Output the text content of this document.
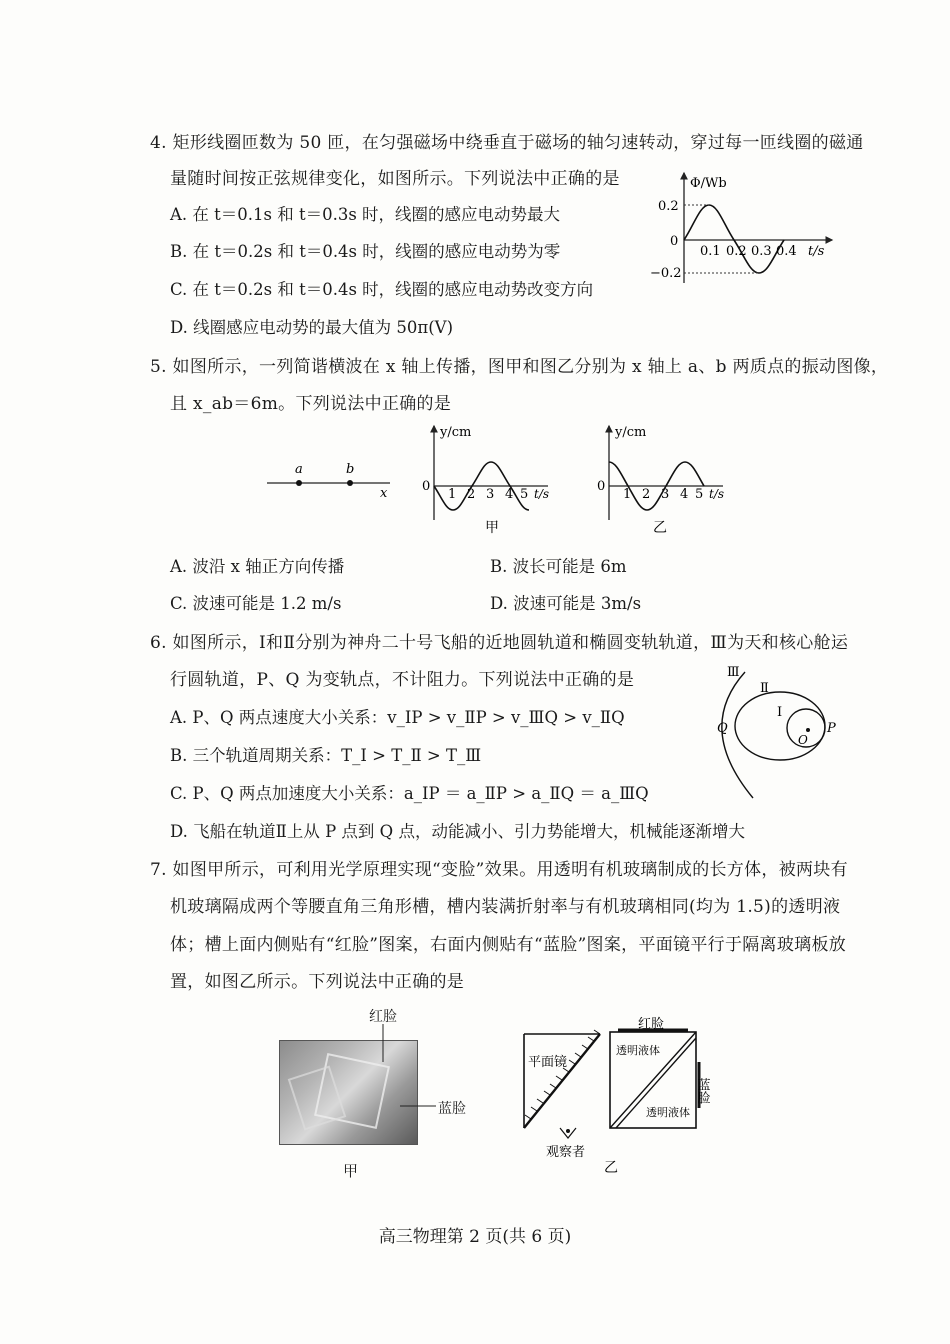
4. 矩形线圈匝数为 50 匝，在匀强磁场中绕垂直于磁场的轴匀速转动，穿过每一匝线圈的磁通
量随时间按正弦规律变化，如图所示。下列说法中正确的是
A. 在 t＝0.1s 和 t＝0.3s 时，线圈的感应电动势最大
B. 在 t＝0.2s 和 t＝0.4s 时，线圈的感应电动势为零
C. 在 t＝0.2s 和 t＝0.4s 时，线圈的感应电动势改变方向
D. 线圈感应电动势的最大值为 50π(V)
Φ/Wb
0.2
−0.2
0
0.1 0.2 0.3 0.4 t/s
5. 如图所示，一列简谐横波在 x 轴上传播，图甲和图乙分别为 x 轴上 a、b 两质点的振动图像，
且 x_ab＝6m。下列说法中正确的是
a	b
x
y/cm
0
1 2 3 4 5 t/s
甲
y/cm
0
1 2 3 4 5 t/s
乙
A. 波沿 x 轴正方向传播	B. 波长可能是 6m
C. 波速可能是 1.2 m/s	D. 波速可能是 3m/s
6. 如图所示，Ⅰ和Ⅱ分别为神舟二十号飞船的近地圆轨道和椭圆变轨轨道，Ⅲ为天和核心舱运
行圆轨道，P、Q 为变轨点，不计阻力。下列说法中正确的是
A. P、Q 两点速度大小关系：v_ⅠP > v_ⅡP > v_ⅢQ > v_ⅡQ
B. 三个轨道周期关系：T_Ⅰ > T_Ⅱ > T_Ⅲ
C. P、Q 两点加速度大小关系：a_ⅠP ＝ a_ⅡP > a_ⅡQ ＝ a_ⅢQ
D. 飞船在轨道Ⅱ上从 P 点到 Q 点，动能减小、引力势能增大，机械能逐渐增大
Ⅲ
Ⅱ
Ⅰ
Q	P
O
7. 如图甲所示，可利用光学原理实现“变脸”效果。用透明有机玻璃制成的长方体，被两块有
机玻璃隔成两个等腰直角三角形槽，槽内装满折射率与有机玻璃相同(均为 1.5)的透明液
体；槽上面内侧贴有“红脸”图案，右面内侧贴有“蓝脸”图案，平面镜平行于隔离玻璃板放
置，如图乙所示。下列说法中正确的是
红脸
蓝脸
甲
平面镜
红脸
透明液体
透明液体
蓝脸
观察者
乙
高三物理第 2 页(共 6 页)
